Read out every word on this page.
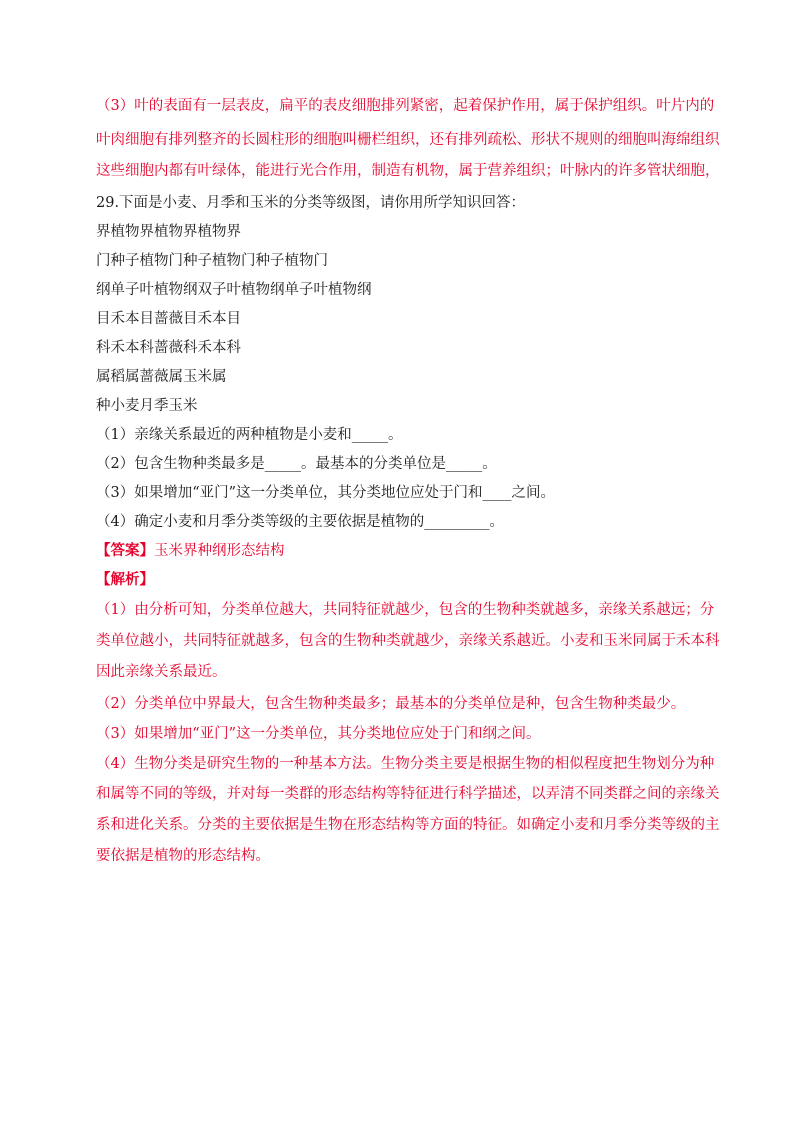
（3）叶的表面有一层表皮，扁平的表皮细胞排列紧密，起着保护作用，属于保护组织。叶片内的
叶肉细胞有排列整齐的长圆柱形的细胞叫栅栏组织，还有排列疏松、形状不规则的细胞叫海绵组织
这些细胞内都有叶绿体，能进行光合作用，制造有机物，属于营养组织；叶脉内的许多管状细胞，
29.下面是小麦、月季和玉米的分类等级图，请你用所学知识回答：
界植物界植物界植物界
门种子植物门种子植物门种子植物门
纲单子叶植物纲双子叶植物纲单子叶植物纲
目禾本目蔷薇目禾本目
科禾本科蔷薇科禾本科
属稻属蔷薇属玉米属
种小麦月季玉米
（1）亲缘关系最近的两种植物是小麦和_____。
（2）包含生物种类最多是_____。最基本的分类单位是_____。
（3）如果增加“亚门”这一分类单位，其分类地位应处于门和____之间。
（4）确定小麦和月季分类等级的主要依据是植物的_________。
【答案】玉米界种纲形态结构
【解析】
（1）由分析可知，分类单位越大，共同特征就越少，包含的生物种类就越多，亲缘关系越远；分
类单位越小，共同特征就越多，包含的生物种类就越少，亲缘关系越近。小麦和玉米同属于禾本科
因此亲缘关系最近。
（2）分类单位中界最大，包含生物种类最多；最基本的分类单位是种，包含生物种类最少。
（3）如果增加“亚门”这一分类单位，其分类地位应处于门和纲之间。
（4）生物分类是研究生物的一种基本方法。生物分类主要是根据生物的相似程度把生物划分为种
和属等不同的等级，并对每一类群的形态结构等特征进行科学描述，以弄清不同类群之间的亲缘关
系和进化关系。分类的主要依据是生物在形态结构等方面的特征。如确定小麦和月季分类等级的主
要依据是植物的形态结构。
